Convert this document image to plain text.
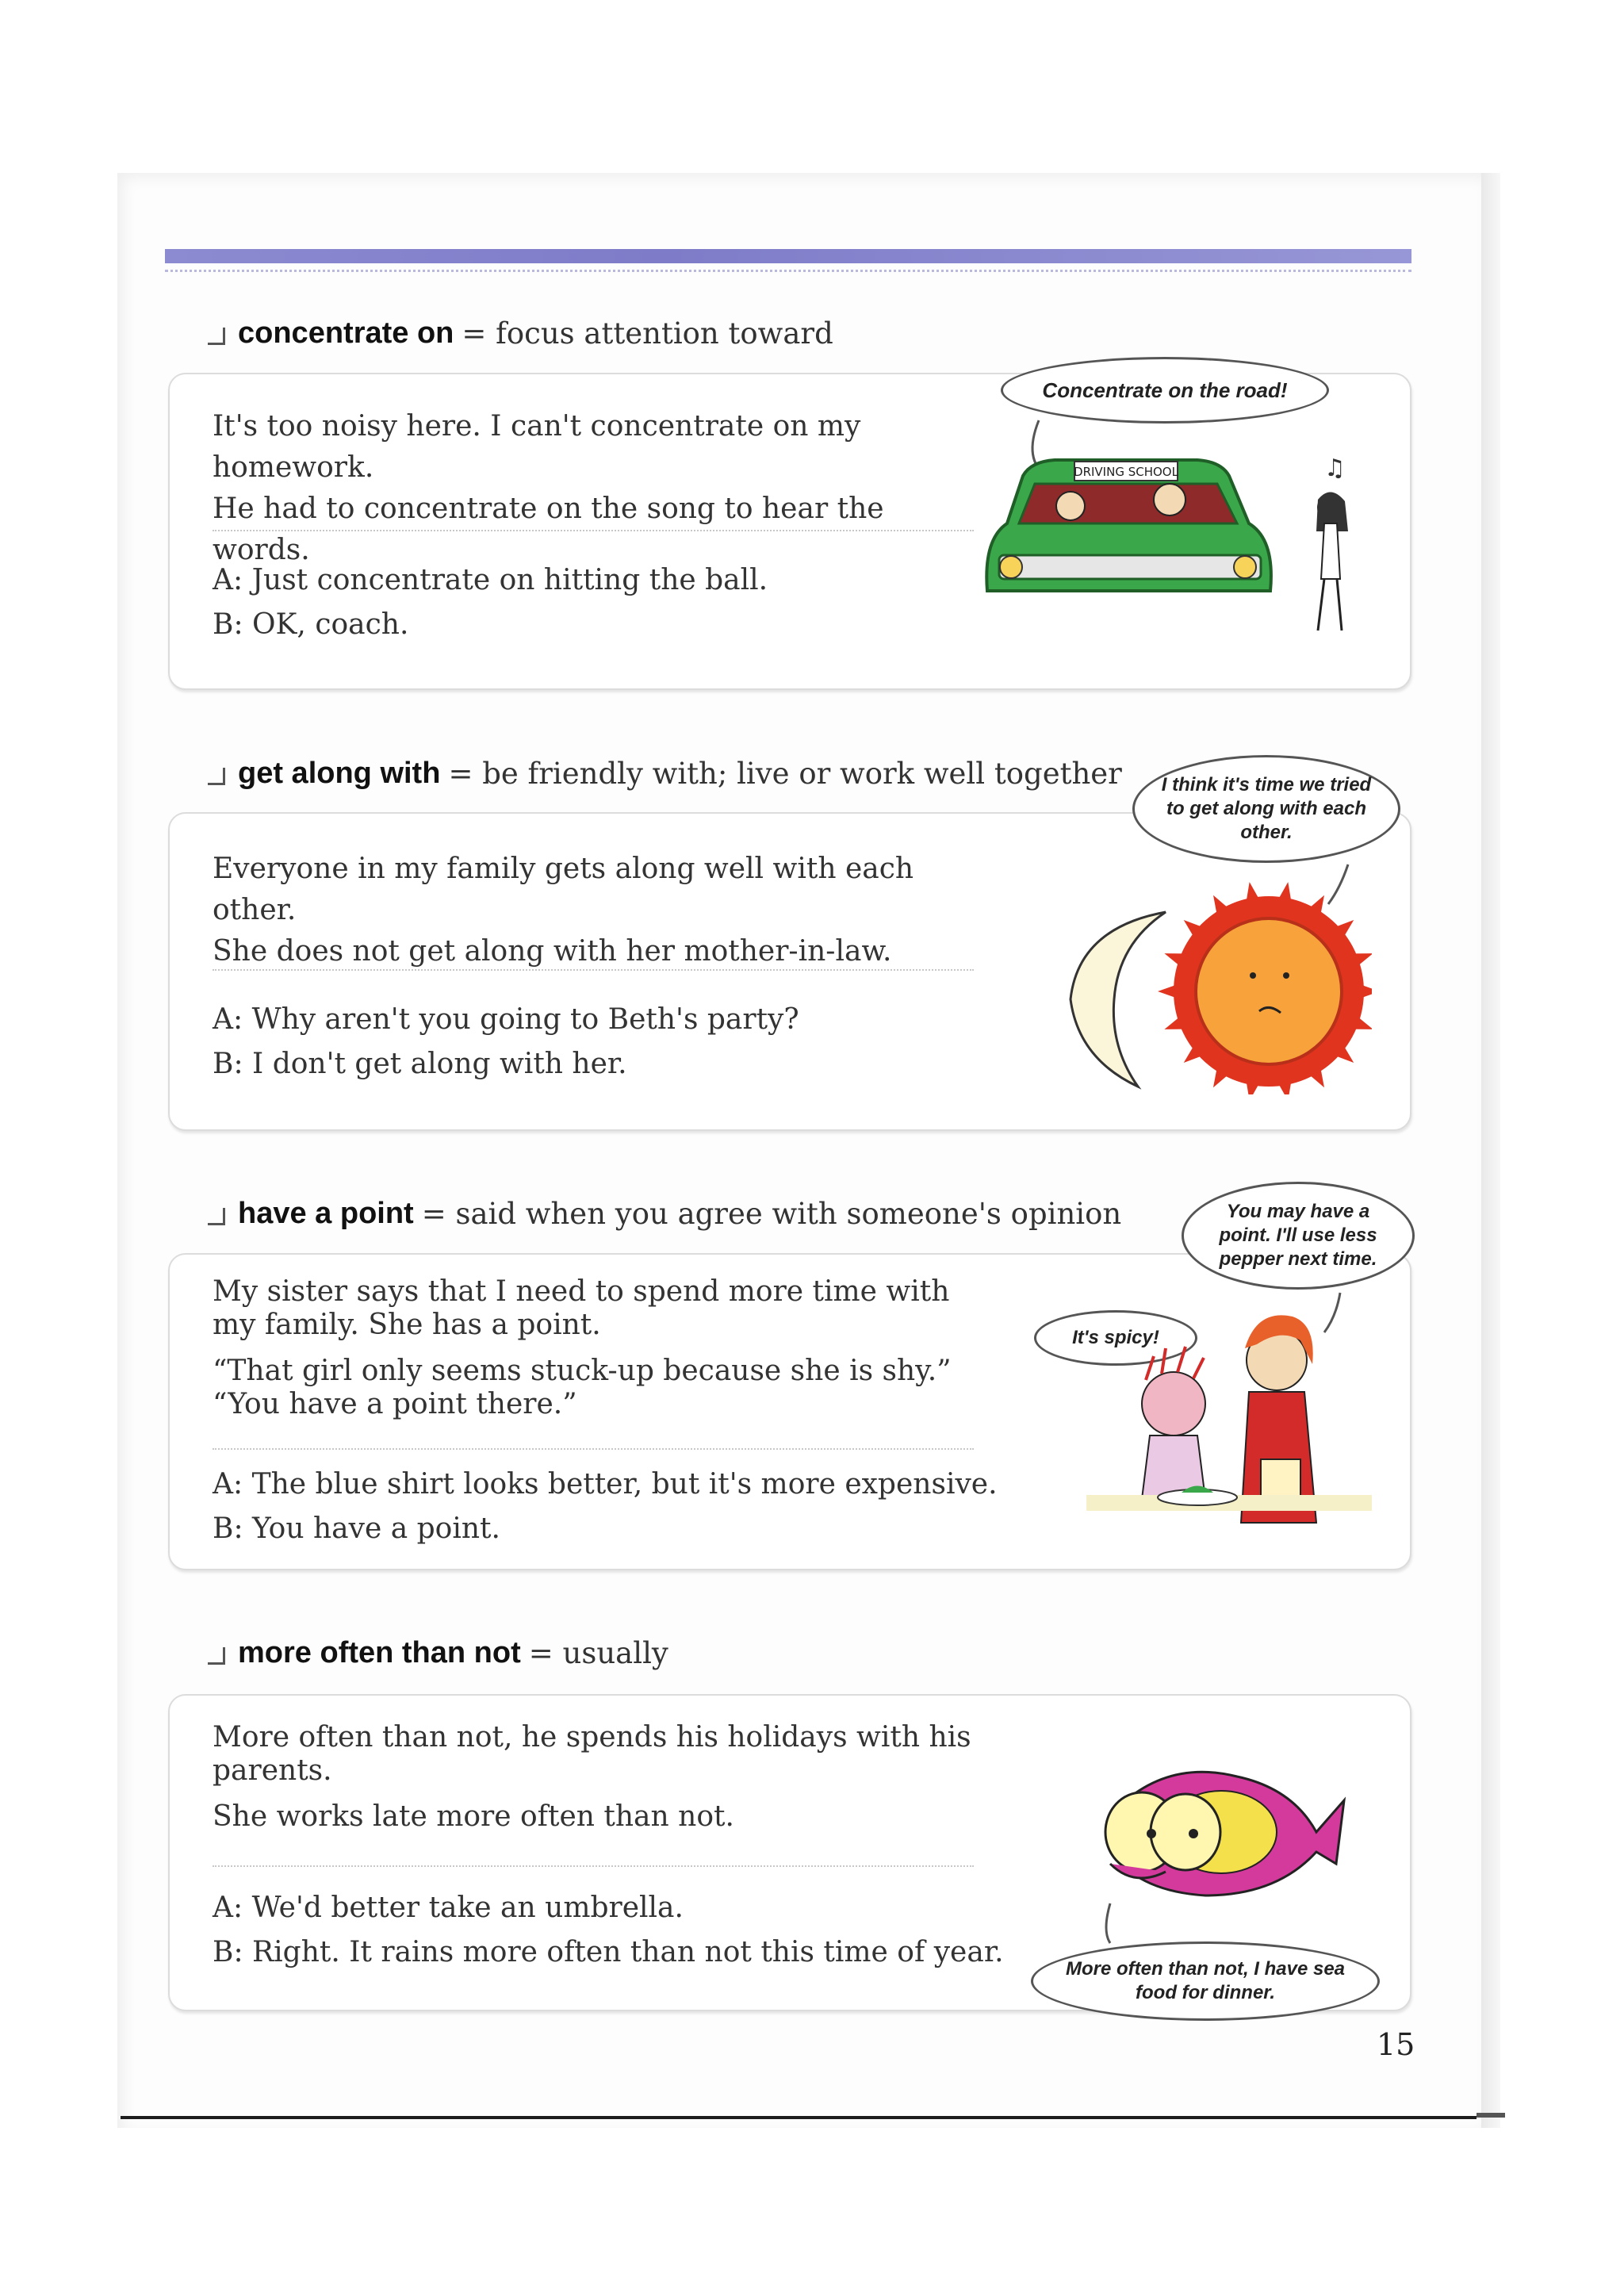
concentrate on = focus attention toward

It's too noisy here. I can't concentrate on my homework.

He had to concentrate on the song to hear the words.

A: Just concentrate on hitting the ball.

B: OK, coach.

Concentrate on the road!
DRIVING SCHOOL	♫
get along with = be friendly with; live or work well together

Everyone in my family gets along well with each other.

She does not get along with her mother-in-law.

A: Why aren't you going to Beth's party?

B: I don't get along with her.

I think it's time we tried to get along with each other.
have a point = said when you agree with someone's opinion

My sister says that I need to spend more time with my family. She has a point.

“That girl only seems stuck-up because she is shy.” “You have a point there.”

A: The blue shirt looks better, but it's more expensive.

B: You have a point.

You may have a point. I'll use less pepper next time.
It's spicy!
more often than not = usually

More often than not, he spends his holidays with his parents.

She works late more often than not.

A: We'd better take an umbrella.

B: Right. It rains more often than not this time of year.

More often than not, I have sea food for dinner.
15
